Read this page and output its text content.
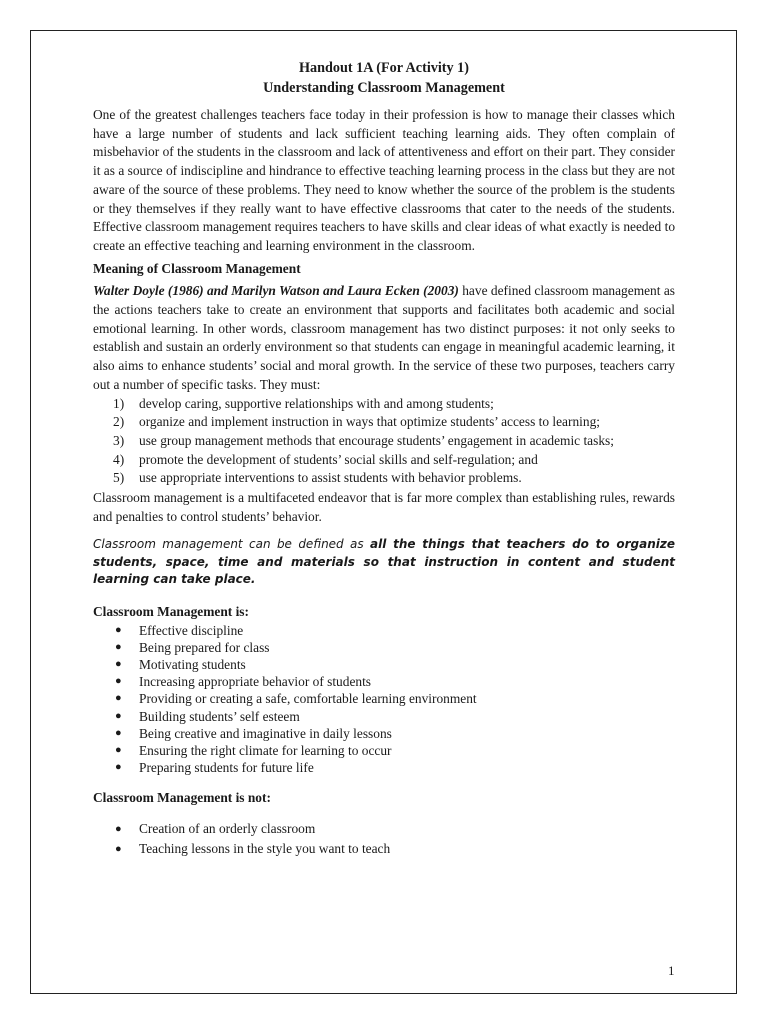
Handout 1A (For Activity 1)

Understanding Classroom Management

One of the greatest challenges teachers face today in their profession is how to manage their classes which have a large number of students and lack sufficient teaching learning aids. They often complain of misbehavior of the students in the classroom and lack of attentiveness and effort on their part. They consider it as a source of indiscipline and hindrance to effective teaching learning process in the class but they are not aware of the source of these problems. They need to know whether the source of the problem is the students or they themselves if they really want to have effective classrooms that cater to the needs of the students. Effective classroom management requires teachers to have skills and clear ideas of what exactly is needed to create an effective teaching and learning environment in the classroom.

Meaning of Classroom Management

Walter Doyle (1986) and Marilyn Watson and Laura Ecken (2003) have defined classroom management as the actions teachers take to create an environment that supports and facilitates both academic and social emotional learning. In other words, classroom management has two distinct purposes: it not only seeks to establish and sustain an orderly environment so that students can engage in meaningful academic learning, it also aims to enhance students’ social and moral growth. In the service of these two purposes, teachers carry out a number of specific tasks. They must:

1)	develop caring, supportive relationships with and among students;
2)	organize and implement instruction in ways that optimize students’ access to learning;
3)	use group management methods that encourage students’ engagement in academic tasks;
4)	promote the development of students’ social skills and self-regulation; and
5)	use appropriate interventions to assist students with behavior problems.

Classroom management is a multifaceted endeavor that is far more complex than establishing rules, rewards and penalties to control students’ behavior.

Classroom management can be defined as all the things that teachers do to organize students, space, time and materials so that instruction in content and student learning can take place.

Classroom Management is:

●	Effective discipline
●	Being prepared for class
●	Motivating students
●	Increasing appropriate behavior of students
●	Providing or creating a safe, comfortable learning environment
●	Building students’ self esteem
●	Being creative and imaginative in daily lessons
●	Ensuring the right climate for learning to occur
●	Preparing students for future life

Classroom Management is not:

●	Creation of an orderly classroom
●	Teaching lessons in the style you want to teach
1
